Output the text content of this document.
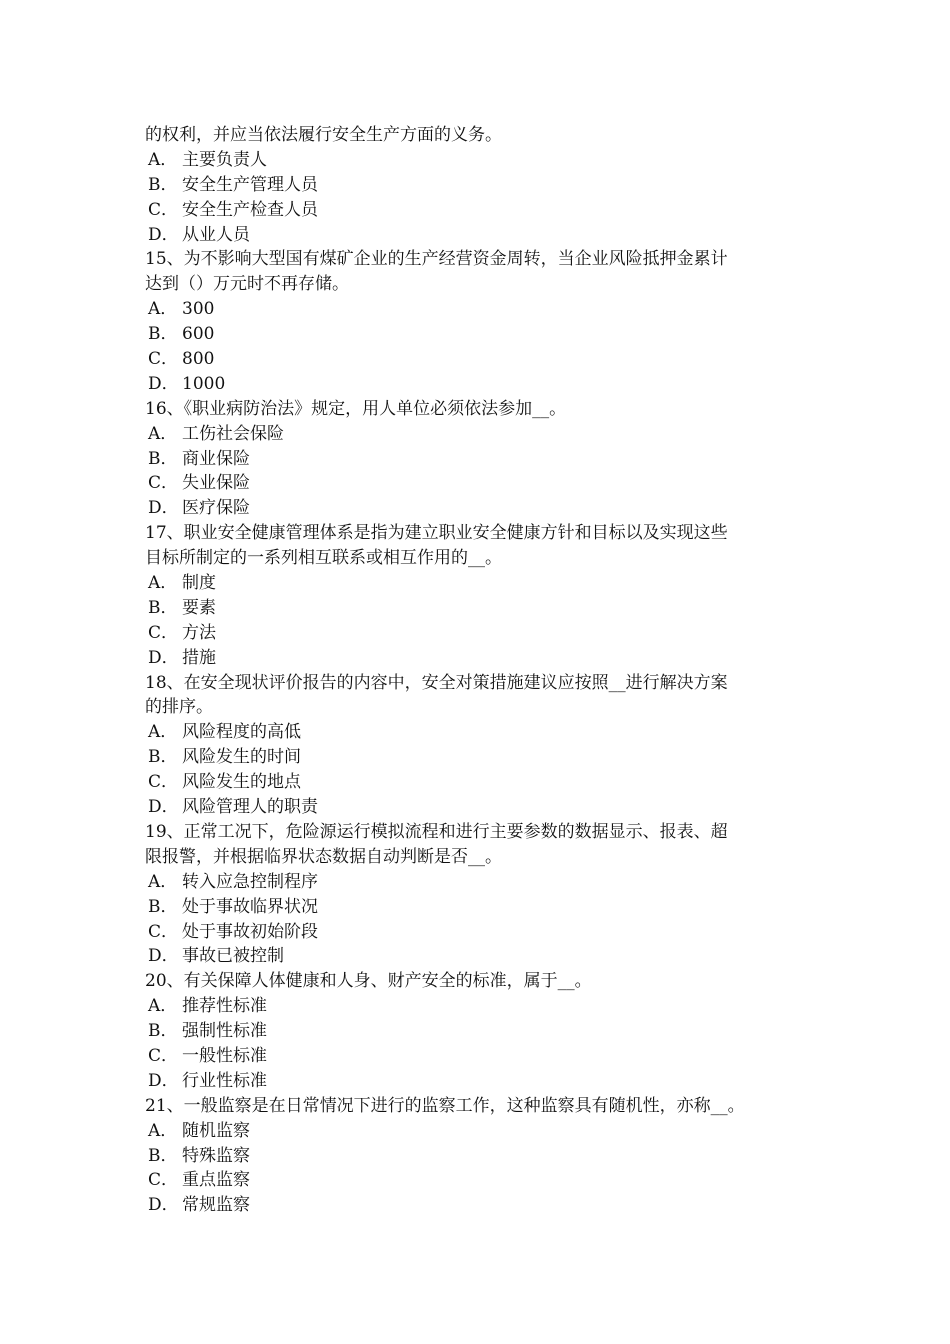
的权利，并应当依法履行安全生产方面的义务。
A． 主要负责人
B． 安全生产管理人员
C． 安全生产检查人员
D． 从业人员
15、为不影响大型国有煤矿企业的生产经营资金周转，当企业风险抵押金累计
达到（）万元时不再存储。
A． 300
B． 600
C． 800
D． 1000
16、《职业病防治法》规定，用人单位必须依法参加__。
A． 工伤社会保险
B． 商业保险
C． 失业保险
D． 医疗保险
17、职业安全健康管理体系是指为建立职业安全健康方针和目标以及实现这些
目标所制定的一系列相互联系或相互作用的__。
A． 制度
B． 要素
C． 方法
D． 措施
18、在安全现状评价报告的内容中，安全对策措施建议应按照__进行解决方案
的排序。
A． 风险程度的高低
B． 风险发生的时间
C． 风险发生的地点
D． 风险管理人的职责
19、正常工况下，危险源运行模拟流程和进行主要参数的数据显示、报表、超
限报警，并根据临界状态数据自动判断是否__。
A． 转入应急控制程序
B． 处于事故临界状况
C． 处于事故初始阶段
D． 事故已被控制
20、有关保障人体健康和人身、财产安全的标准，属于__。
A． 推荐性标准
B． 强制性标准
C． 一般性标准
D． 行业性标准
21、一般监察是在日常情况下进行的监察工作，这种监察具有随机性，亦称__。
A． 随机监察
B． 特殊监察
C． 重点监察
D． 常规监察
